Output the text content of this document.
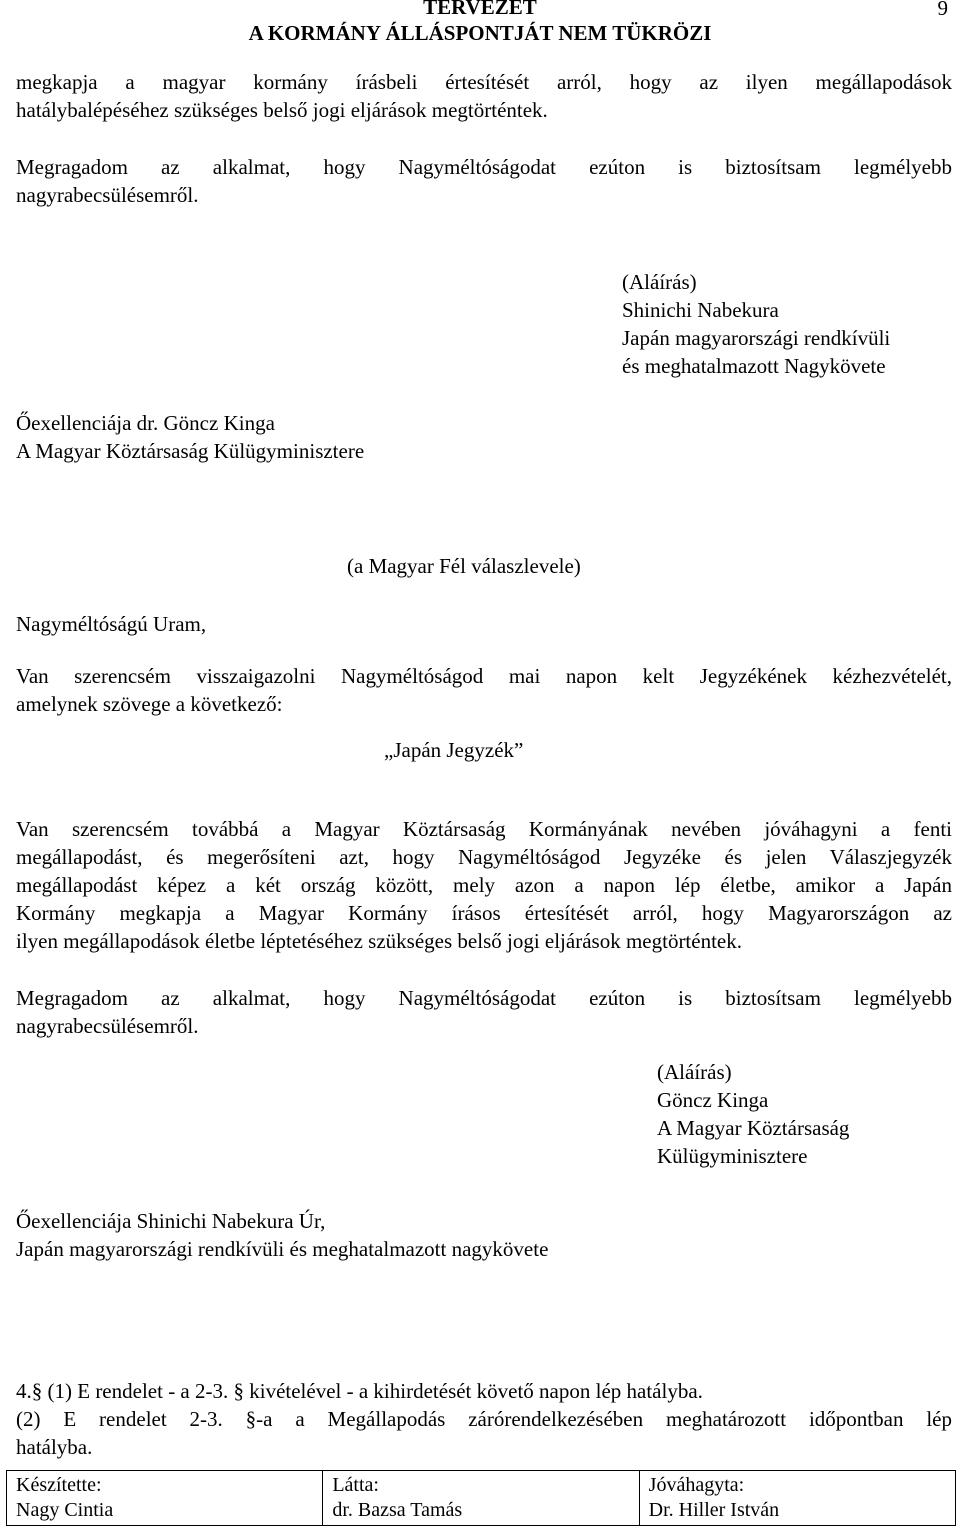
TERVEZET
A KORMÁNY ÁLLÁSPONTJÁT NEM TÜKRÖZI
9
megkapja a magyar kormány írásbeli értesítését arról, hogy az ilyen megállapodások
hatálybalépéséhez szükséges belső jogi eljárások megtörténtek.
Megragadom az alkalmat, hogy Nagyméltóságodat ezúton is biztosítsam legmélyebb
nagyrabecsülésemről.
(Aláírás)
Shinichi Nabekura
Japán magyarországi rendkívüli
és meghatalmazott Nagykövete
Őexellenciája dr. Göncz Kinga
A Magyar Köztársaság Külügyminisztere
(a Magyar Fél válaszlevele)
Nagyméltóságú Uram,
Van szerencsém visszaigazolni Nagyméltóságod mai napon kelt Jegyzékének kézhezvételét,
amelynek szövege a következő:
„Japán Jegyzék”
Van szerencsém továbbá a Magyar Köztársaság Kormányának nevében jóváhagyni a fenti
megállapodást, és megerősíteni azt, hogy Nagyméltóságod Jegyzéke és jelen Válaszjegyzék
megállapodást képez a két ország között, mely azon a napon lép életbe, amikor a Japán
Kormány megkapja a Magyar Kormány írásos értesítését arról, hogy Magyarországon az
ilyen megállapodások életbe léptetéséhez szükséges belső jogi eljárások megtörténtek.
Megragadom az alkalmat, hogy Nagyméltóságodat ezúton is biztosítsam legmélyebb
nagyrabecsülésemről.
(Aláírás)
Göncz Kinga
A Magyar Köztársaság
Külügyminisztere
Őexellenciája Shinichi Nabekura Úr,
Japán magyarországi rendkívüli és meghatalmazott nagykövete
4.§ (1) E rendelet - a 2-3. § kivételével - a kihirdetését követő napon lép hatályba.
(2) E rendelet 2-3. §-a a Megállapodás zárórendelkezésében meghatározott időpontban lép
hatályba.
Készítette:
Nagy Cintia

Látta:
dr. Bazsa Tamás

Jóváhagyta:
Dr. Hiller István
